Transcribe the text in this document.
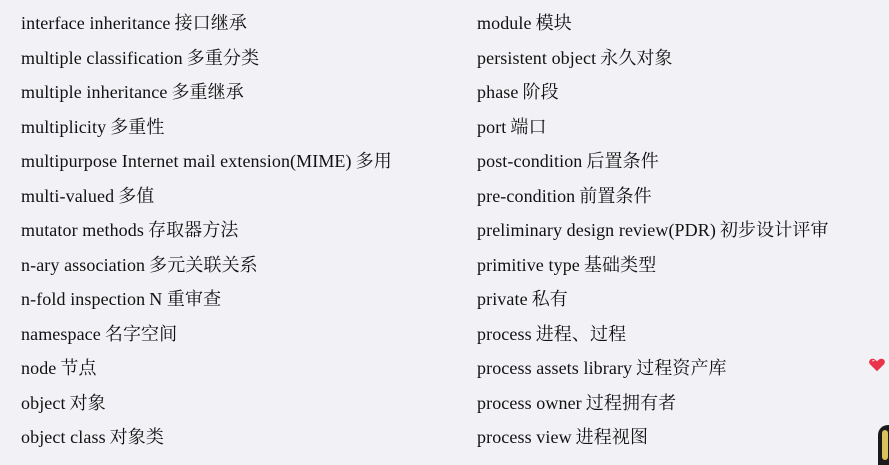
interface inheritance 接口继承
multiple classification 多重分类
multiple inheritance 多重继承
multiplicity 多重性
multipurpose Internet mail extension(MIME) 多用
multi-valued 多值
mutator methods 存取器方法
n-ary association 多元关联关系
n-fold inspection N 重审查
namespace 名字空间
node 节点
object 对象
object class 对象类
module 模块
persistent object 永久对象
phase 阶段
port 端口
post-condition 后置条件
pre-condition 前置条件
preliminary design review(PDR) 初步设计评审
primitive type 基础类型
private 私有
process 进程、过程
process assets library 过程资产库
process owner 过程拥有者
process view 进程视图
